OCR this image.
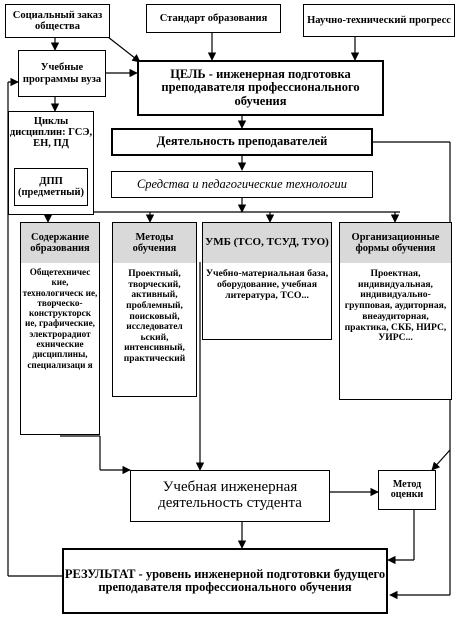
Социальный заказ общества
Стандарт образования	Научно-технический прогресс
Учебные программы вуза	ЦЕЛЬ - инженерная подготовка преподавателя профессионального обучения
Циклы дисциплин: ГСЭ, ЕН, ПД
ДПП (предметный)
Деятельность преподавателей
Средства и педагогические технологии
Содержание образования
Общетехничес кие, технологическ ие, творческо-конструкторск ие, графические, электрорадиот ехнические дисциплины, специализаци я
Методы обучения
Проектный, творческий, активный, проблемный, поисковый, исследовател ьский, интенсивный, практический
УМБ (ТСО, ТСУД, ТУО)
Учебно-материальная база, оборудование, учебная литература, ТСО...
Организационные формы обучения
Проектная, индивидуальная, индивидуально-групповая, аудиторная, внеаудиторная, практика, СКБ, НИРС, УИРС...
Учебная инженерная деятельность студента
Метод оценки
РЕЗУЛЬТАТ - уровень инженерной подготовки будущего преподавателя профессионального обучения
